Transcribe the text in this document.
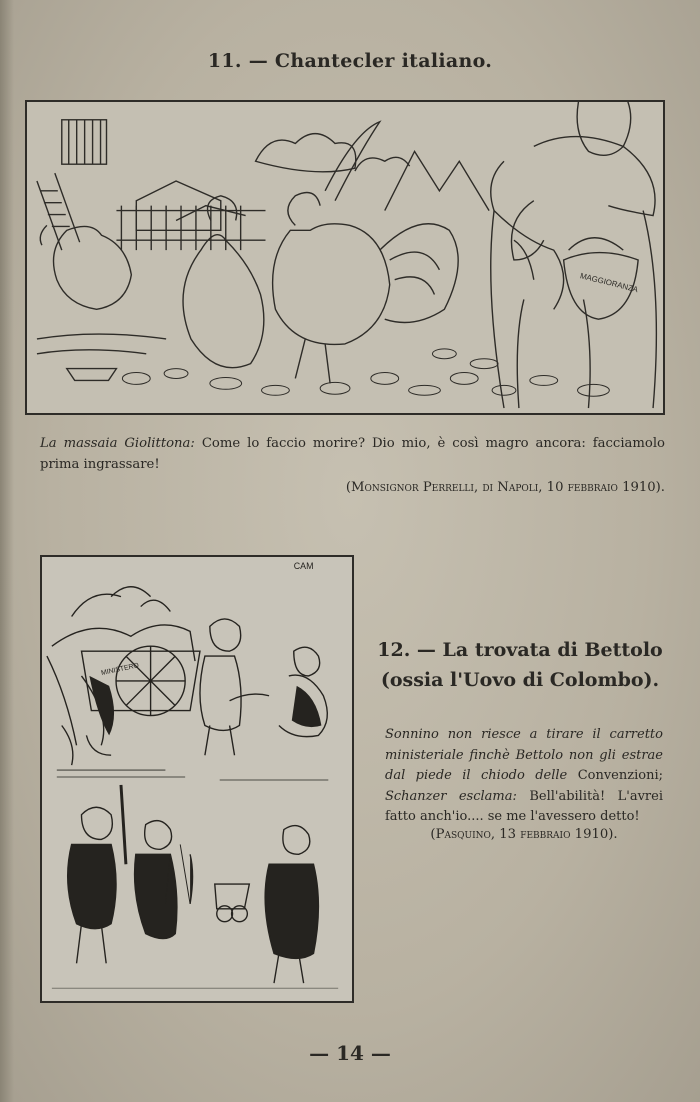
11. — Chantecler italiano.
MAGGIORANZA
La massaia Giolittona: Come lo faccio morire? Dio mio, è così magro ancora: facciamolo prima ingrassare!
(Monsignor Perrelli, di Napoli, 10 febbraio 1910).
CAM
MINISTERO
12. — La trovata di Bettolo
(ossia l'Uovo di Colombo).
Sonnino non riesce a tirare il carretto ministeriale finchè Bettolo non gli estrae dal piede il chiodo delle Convenzioni; Schanzer esclama: Bell'abilità! L'avrei fatto anch'io.... se me l'avessero detto!
(Pasquino, 13 febbraio 1910).
— 14 —
